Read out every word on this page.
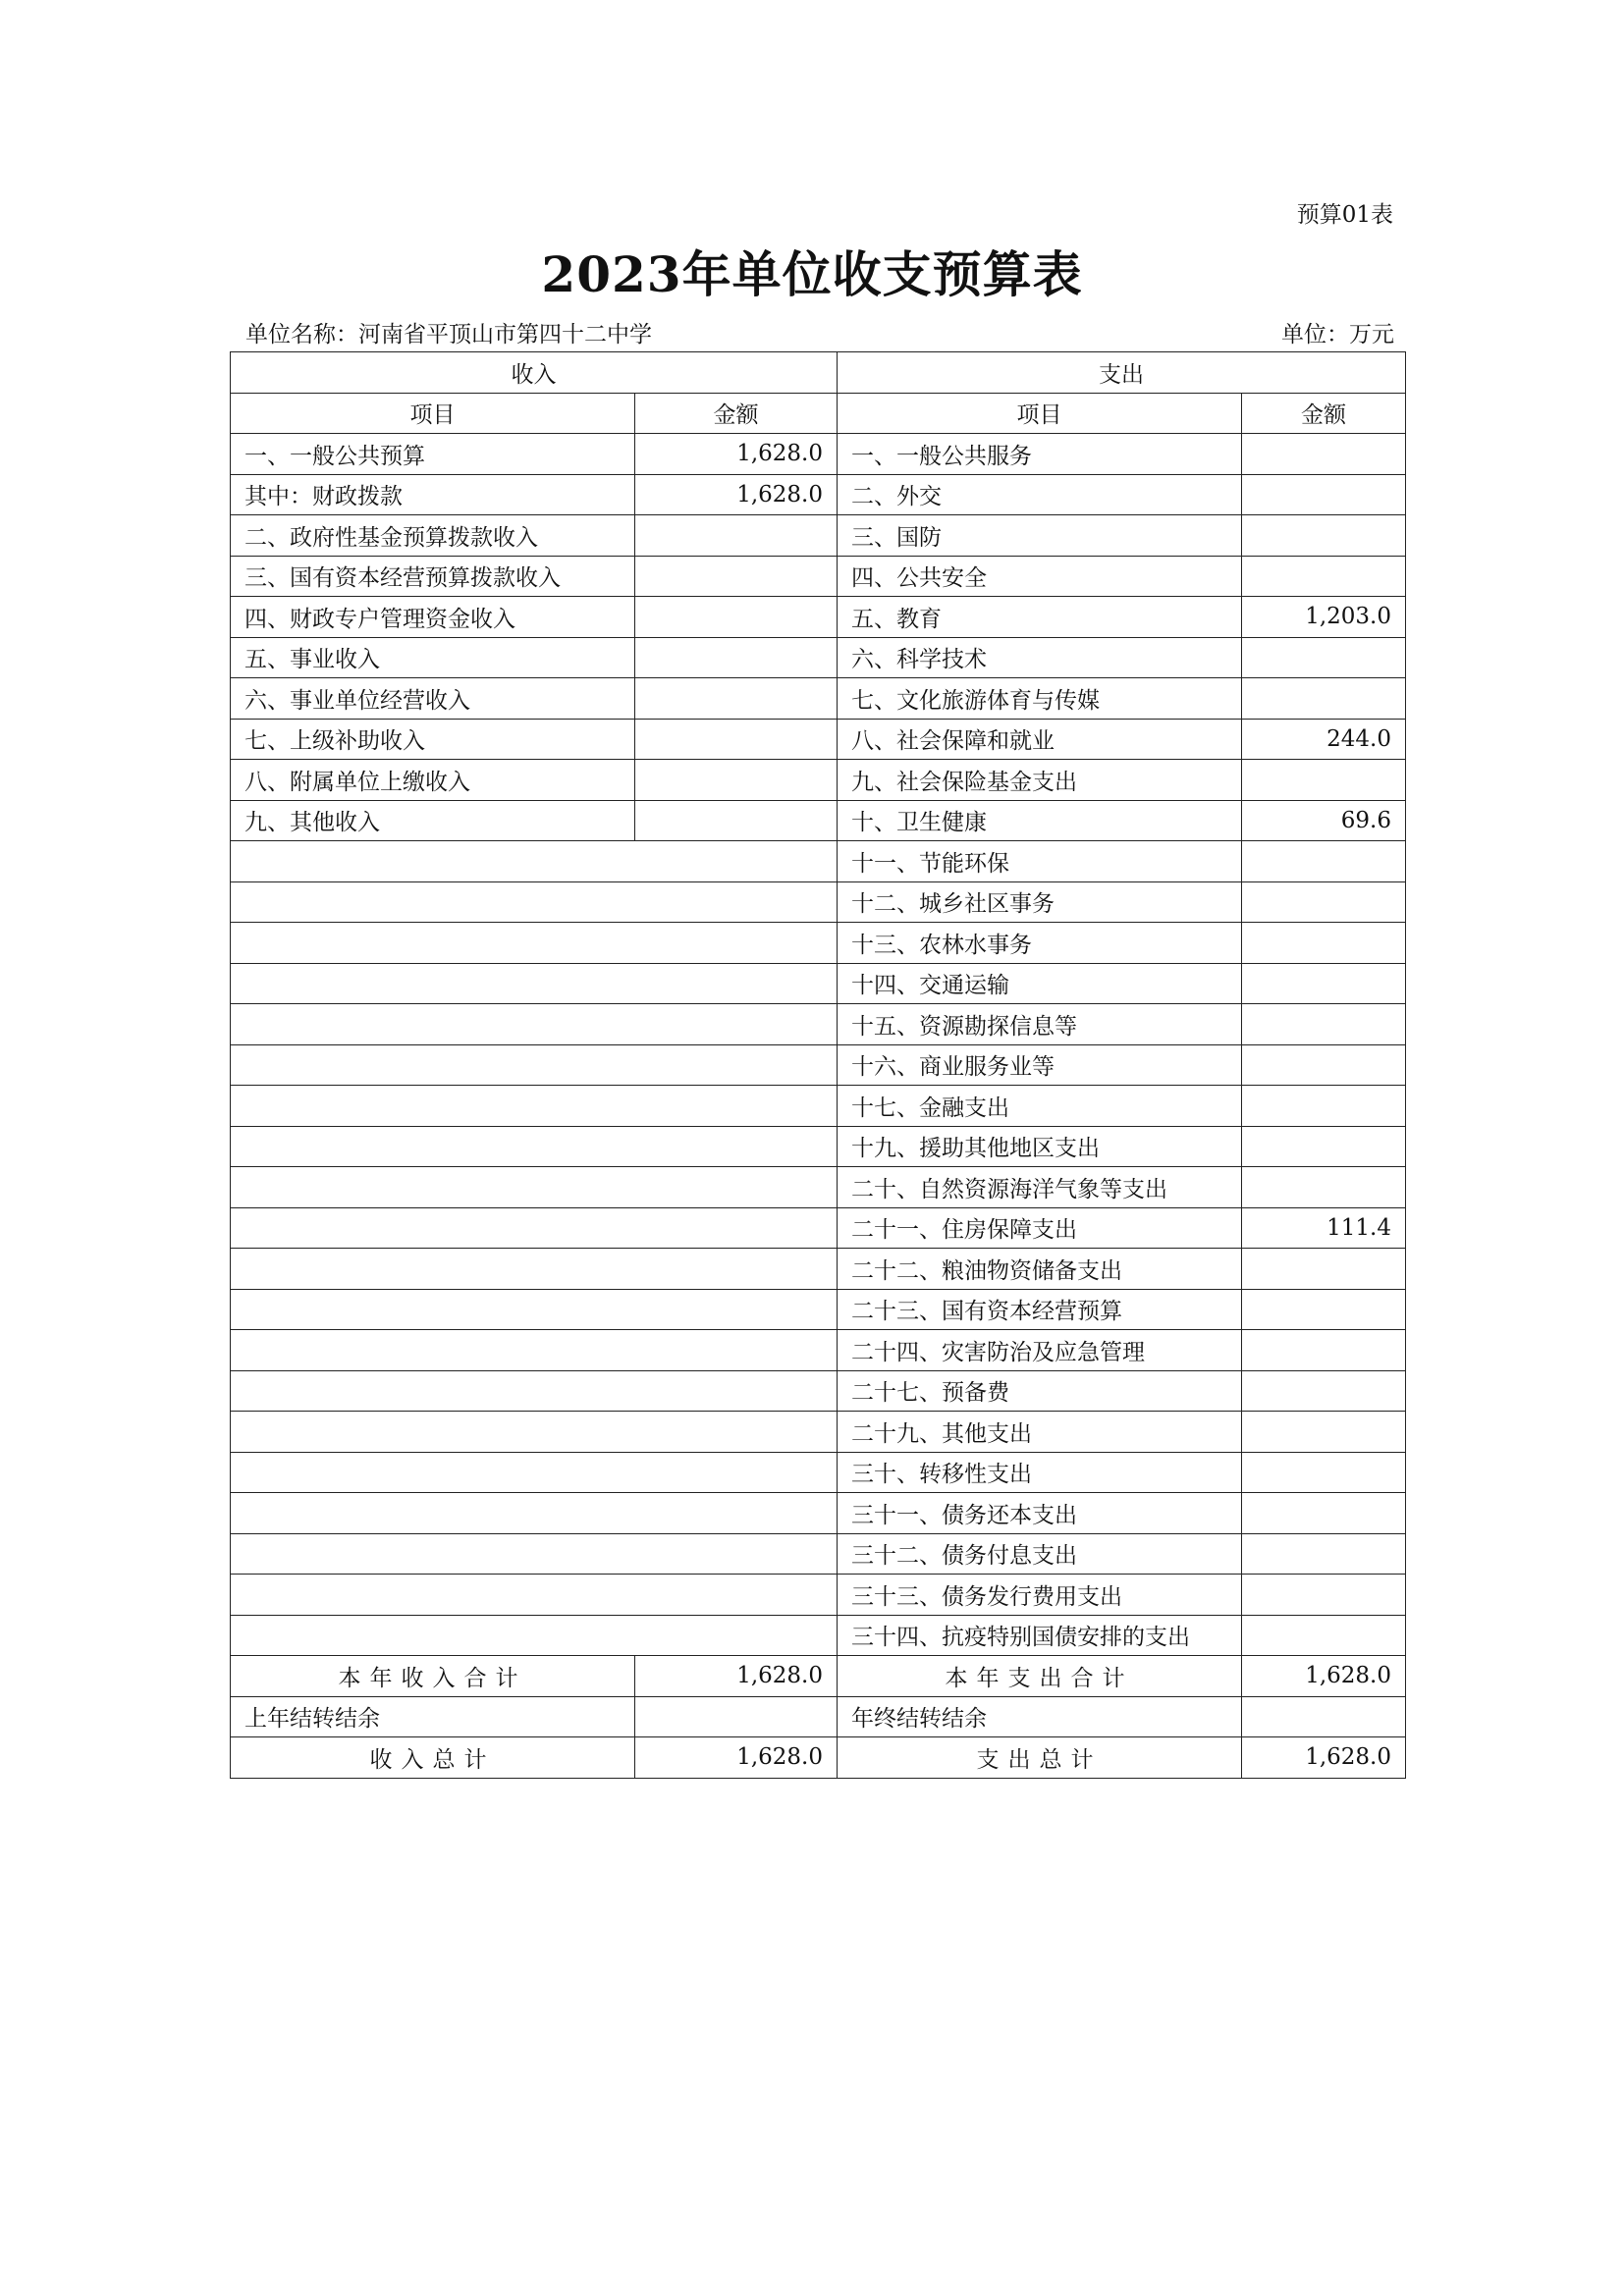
预算01表
2023年单位收支预算表
单位名称：河南省平顶山市第四十二中学	单位：万元
收入		支出	
项目	金额	项目	金额
一、一般公共预算	1,628.0	一、一般公共服务	
其中：财政拨款	1,628.0	二、外交	
二、政府性基金预算拨款收入		三、国防	
三、国有资本经营预算拨款收入		四、公共安全	
四、财政专户管理资金收入		五、教育	1,203.0
五、事业收入		六、科学技术	
六、事业单位经营收入		七、文化旅游体育与传媒	
七、上级补助收入		八、社会保障和就业	244.0
八、附属单位上缴收入		九、社会保险基金支出	
九、其他收入		十、卫生健康	69.6
		十一、节能环保	
		十二、城乡社区事务	
		十三、农林水事务	
		十四、交通运输	
		十五、资源勘探信息等	
		十六、商业服务业等	
		十七、金融支出	
		十九、援助其他地区支出	
		二十、自然资源海洋气象等支出	
		二十一、住房保障支出	111.4
		二十二、粮油物资储备支出	
		二十三、国有资本经营预算	
		二十四、灾害防治及应急管理	
		二十七、预备费	
		二十九、其他支出	
		三十、转移性支出	
		三十一、债务还本支出	
		三十二、债务付息支出	
		三十三、债务发行费用支出	
		三十四、抗疫特别国债安排的支出	
本年收入合计	1,628.0	本年支出合计	1,628.0
上年结转结余		年终结转结余	
收入总计	1,628.0	支出总计	1,628.0
